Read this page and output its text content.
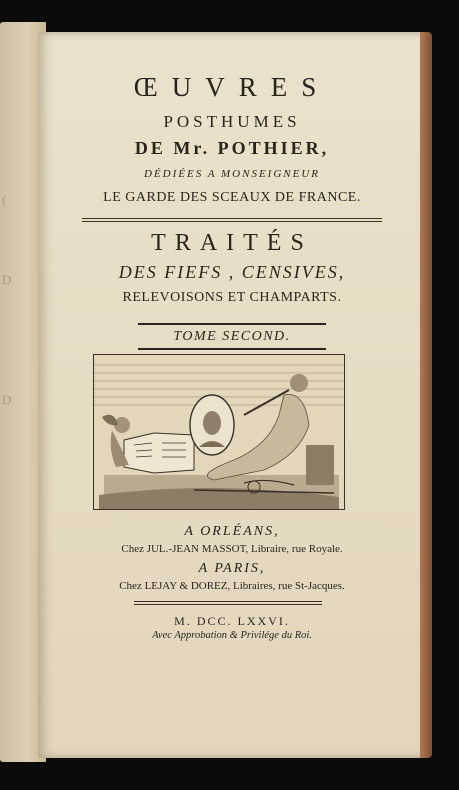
(
D
D
ŒUVRES
POSTHUMES
DE Mr. POTHIER,
DÉDIÉES A MONSEIGNEUR
LE GARDE DES SCEAUX DE FRANCE.
TRAITÉS
DES FIEFS , CENSIVES,
RELEVOISONS ET CHAMPARTS.
TOME SECOND.
A ORLÉANS,
Chez JUL.-JEAN MASSOT, Libraire, rue Royale.
A PARIS,
Chez LEJAY & DOREZ, Libraires, rue St-Jacques.
M. DCC. LXXVI.
Avec Approbation & Privilége du Roi.
